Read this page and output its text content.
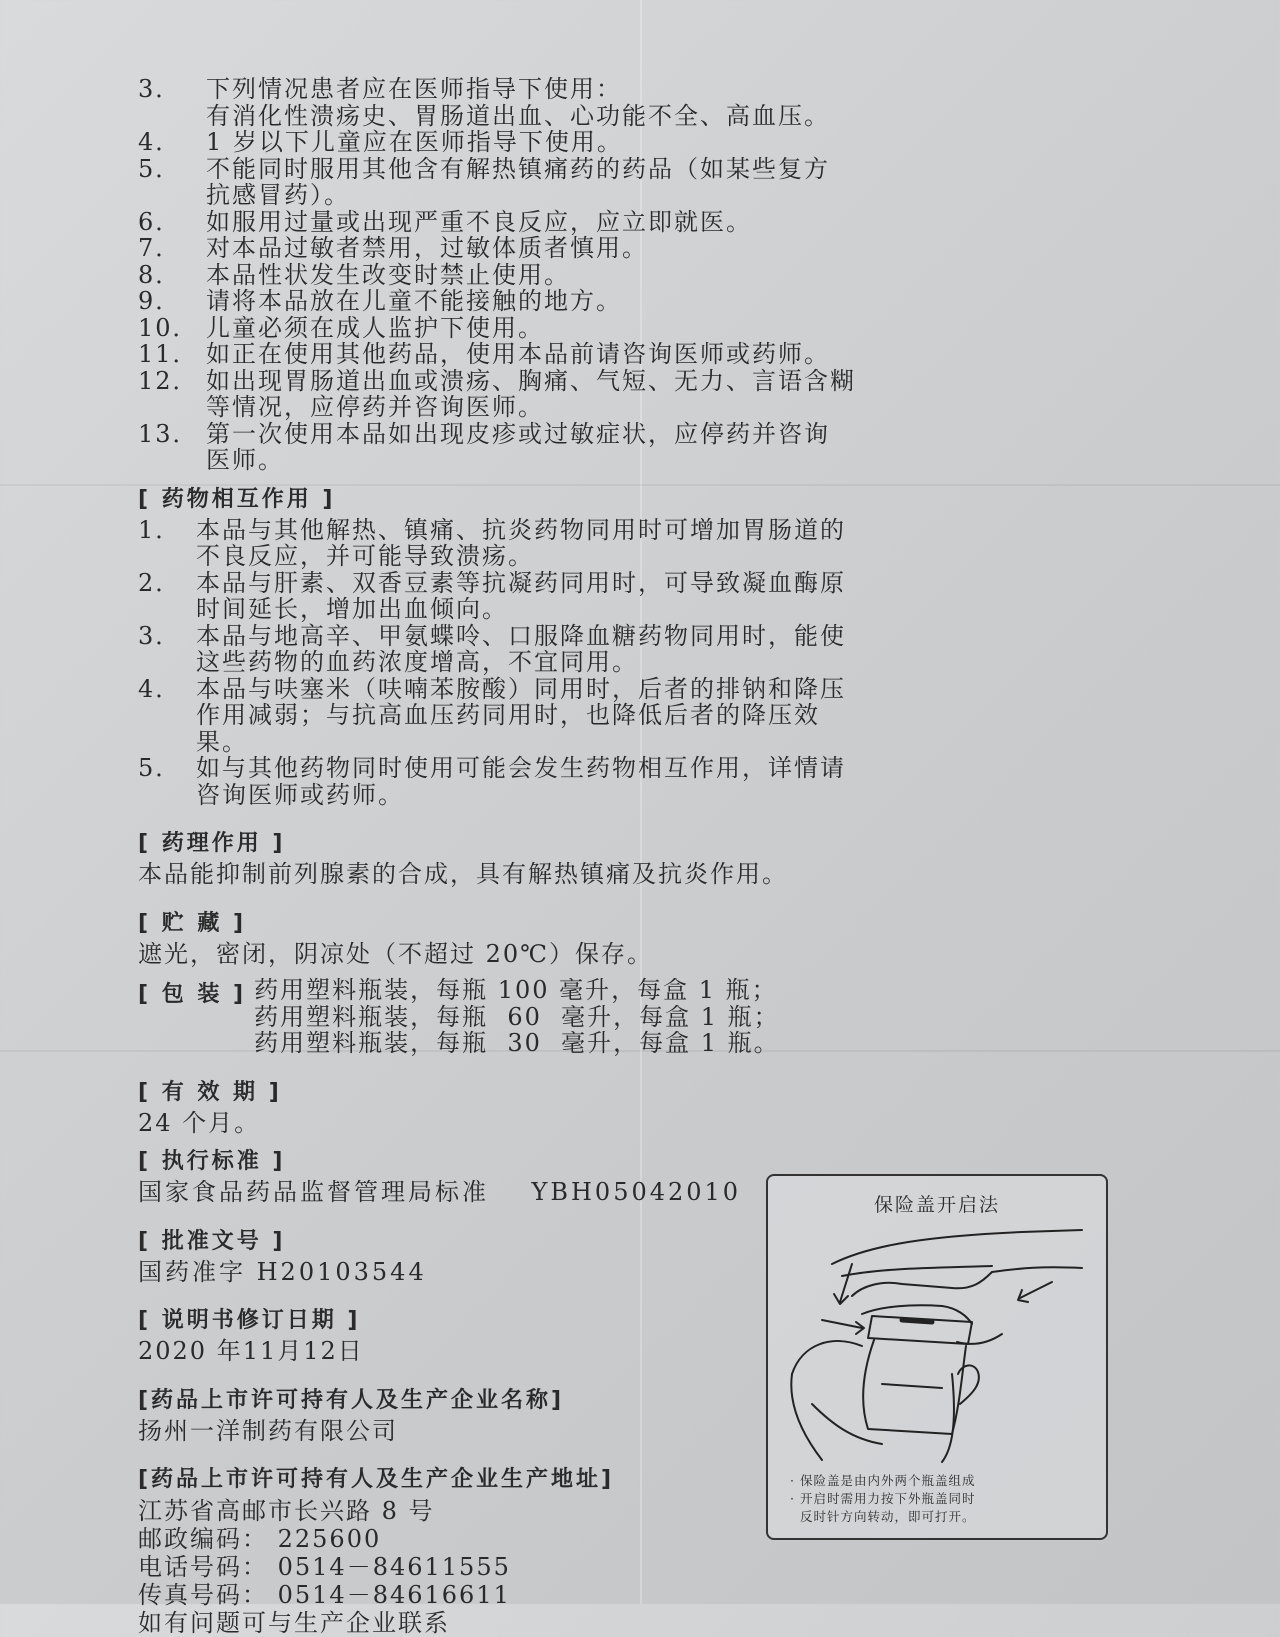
3．	下列情况患者应在医师指导下使用：
有消化性溃疡史、胃肠道出血、心功能不全、高血压。
4．	1 岁以下儿童应在医师指导下使用。
5．	不能同时服用其他含有解热镇痛药的药品（如某些复方
抗感冒药）。
6．	如服用过量或出现严重不良反应，应立即就医。
7．	对本品过敏者禁用，过敏体质者慎用。
8．	本品性状发生改变时禁止使用。
9．	请将本品放在儿童不能接触的地方。
10． 儿童必须在成人监护下使用。
11． 如正在使用其他药品，使用本品前请咨询医师或药师。
12． 如出现胃肠道出血或溃疡、胸痛、气短、无力、言语含糊
等情况，应停药并咨询医师。
13． 第一次使用本品如出现皮疹或过敏症状，应停药并咨询
医师。
[ 药物相互作用 ]
1． 本品与其他解热、镇痛、抗炎药物同用时可增加胃肠道的
不良反应，并可能导致溃疡。
2． 本品与肝素、双香豆素等抗凝药同用时，可导致凝血酶原
时间延长，增加出血倾向。
3． 本品与地高辛、甲氨蝶呤、口服降血糖药物同用时，能使
这些药物的血药浓度增高，不宜同用。
4． 本品与呋塞米（呋喃苯胺酸）同用时，后者的排钠和降压
作用减弱；与抗高血压药同用时，也降低后者的降压效
果。
5． 如与其他药物同时使用可能会发生药物相互作用，详情请
咨询医师或药师。
[ 药理作用 ]
本品能抑制前列腺素的合成，具有解热镇痛及抗炎作用。
[ 贮 藏 ]
遮光，密闭，阴凉处（不超过 20℃）保存。
[ 包 装 ] 药用塑料瓶装，每瓶 100 毫升，每盒 1 瓶；
药用塑料瓶装，每瓶  60  毫升，每盒 1 瓶；
药用塑料瓶装，每瓶  30  毫升，每盒 1 瓶。
[ 有 效 期 ]
24 个月。
[ 执行标准 ]
国家食品药品监督管理局标准    YBH05042010
[ 批准文号 ]
国药准字 H20103544
[ 说明书修订日期 ]
2020 年11月12日
[药品上市许可持有人及生产企业名称]
扬州一洋制药有限公司
[药品上市许可持有人及生产企业生产地址]
江苏省高邮市长兴路 8 号
邮政编码： 225600
电话号码： 0514－84611555
传真号码： 0514－84616611
如有问题可与生产企业联系
保险盖开启法
· 保险盖是由内外两个瓶盖组成
· 开启时需用力按下外瓶盖同时
反时针方向转动，即可打开。
